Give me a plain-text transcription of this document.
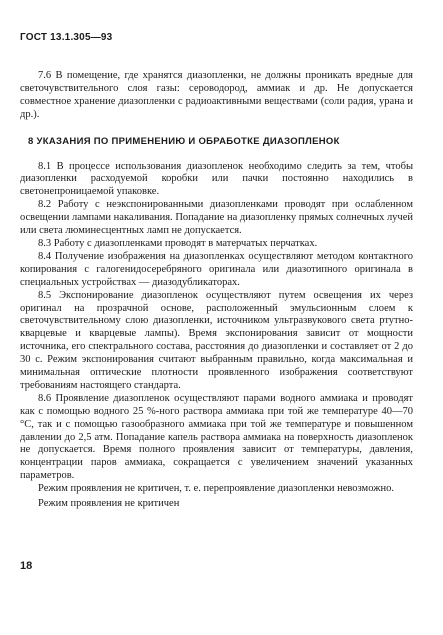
ГОСТ 13.1.305—93

7.6 В помещение, где хранятся диазопленки, не должны проникать вредные для светочувствительного слоя газы: сероводород, аммиак и др. Не допускается совместное хранение диазопленки с радиоактивными веществами (соли радия, урана и др.).

8 УКАЗАНИЯ ПО ПРИМЕНЕНИЮ И ОБРАБОТКЕ ДИАЗОПЛЕНОК

8.1 В процессе использования диазопленок необходимо следить за тем, чтобы диазопленки расходуемой коробки или пачки постоянно находились в светонепроницаемой упаковке.

8.2 Работу с неэкспонированными диазопленками проводят при ослабленном освещении лампами накаливания. Попадание на диазопленку прямых солнечных лучей или света люминесцентных ламп не допускается.

8.3 Работу с диазопленками проводят в матерчатых перчатках.

8.4 Получение изображения на диазопленках осуществляют методом контактного копирования с галогенидосеребряного оригинала или диазотипного оригинала в специальных устройствах — диазодубликаторах.

8.5 Экспонирование диазопленок осуществляют путем освещения их через оригинал на прозрачной основе, расположенный эмульсионным слоем к светочувствительному слою диазопленки, источником ультразвукового света ртутно-кварцевые и кварцевые лампы). Время экспонирования зависит от мощности источника, его спектрального состава, расстояния до диазопленки и составляет от 2 до 30 с. Режим экспонирования считают выбранным правильно, когда максимальная и минимальная оптические плотности проявленного изображения соответствуют требованиям настоящего стандарта.

8.6 Проявление диазопленок осуществляют парами водного аммиака и проводят как с помощью водного 25 %-ного раствора аммиака при той же температуре 40—70 °С, так и с помощью газообразного аммиака при той же температуре и повышенном давлении до 2,5 атм. Попадание капель раствора аммиака на поверхность диазопленок не допускается. Время полного проявления зависит от температуры, давления, концентрации паров аммиака, сокращается с увеличением значений указанных параметров.

Режим проявления не критичен, т. е. перепроявление диазопленки невозможно.

Режим проявления не критичен

18
